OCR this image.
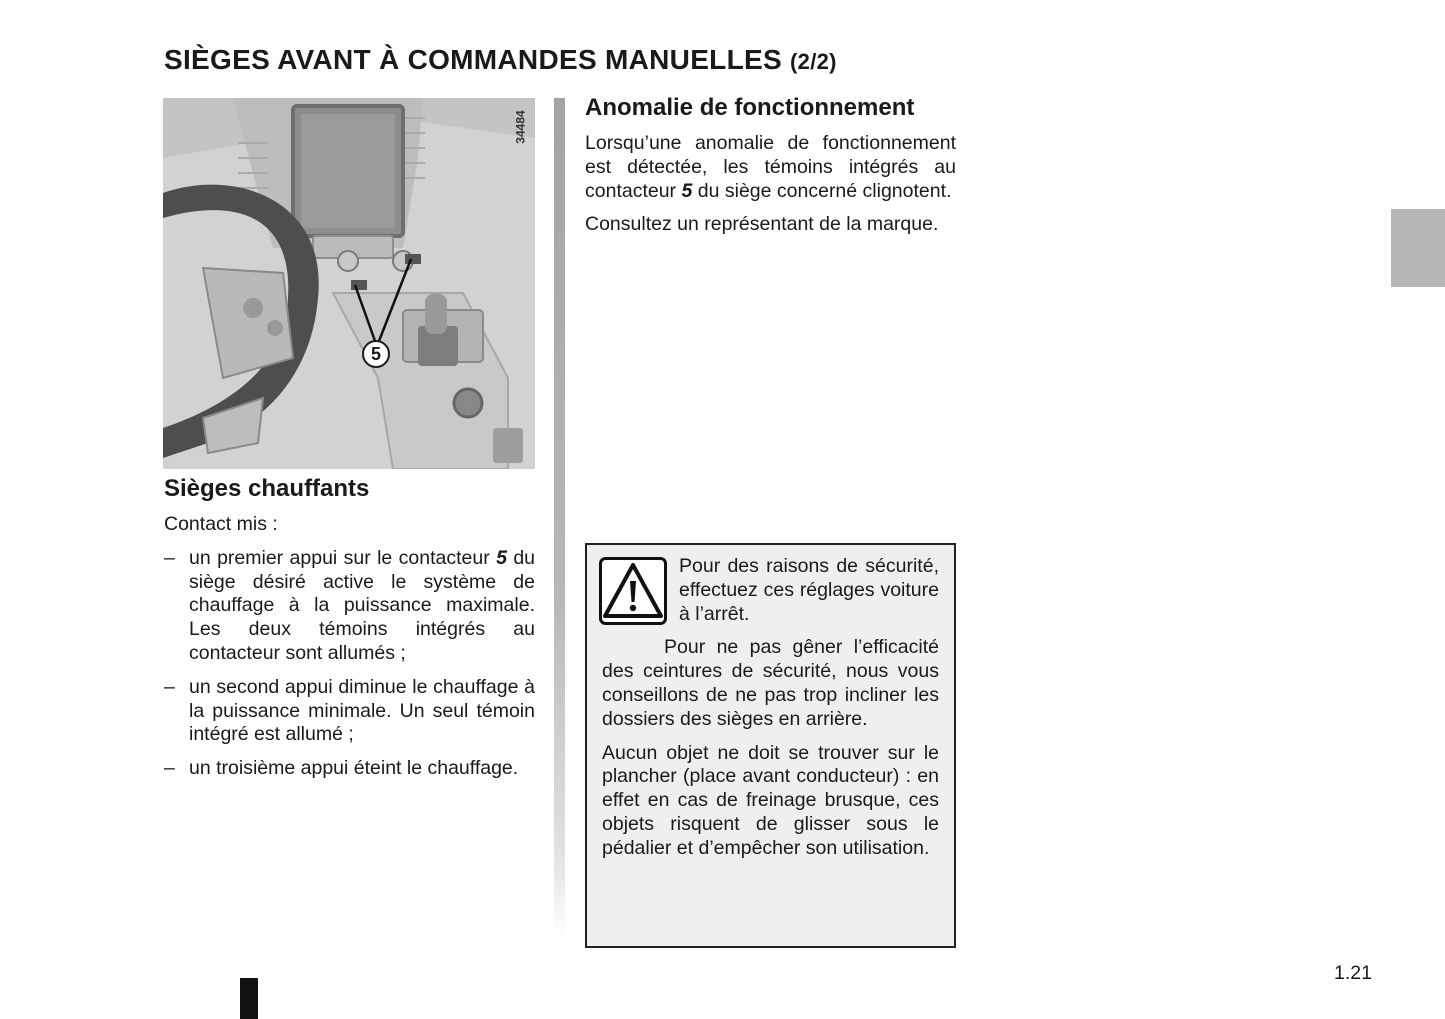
SIÈGES AVANT À COMMANDES MANUELLES (2/2)
34484
5
Sièges chauffants

Contact mis :

– un premier appui sur le contacteur 5 du siège désiré active le système de chauffage à la puissance maximale. Les deux témoins intégrés au contacteur sont allumés ;
– un second appui diminue le chauffage à la puissance minimale. Un seul témoin intégré est allumé ;
– un troisième appui éteint le chauffage.
Anomalie de fonctionnement

Lorsqu’une anomalie de fonctionnement est détectée, les témoins intégrés au contacteur 5 du siège concerné clignotent.

Consultez un représentant de la marque.

Pour des raisons de sécurité, effectuez ces réglages voiture à l’arrêt.

Pour ne pas gêner l’efficacité des ceintures de sécurité, nous vous conseillons de ne pas trop incliner les dossiers des sièges en arrière.

Aucun objet ne doit se trouver sur le plancher (place avant conducteur) : en effet en cas de freinage brusque, ces objets risquent de glisser sous le pédalier et d’empêcher son utilisation.

1.21
